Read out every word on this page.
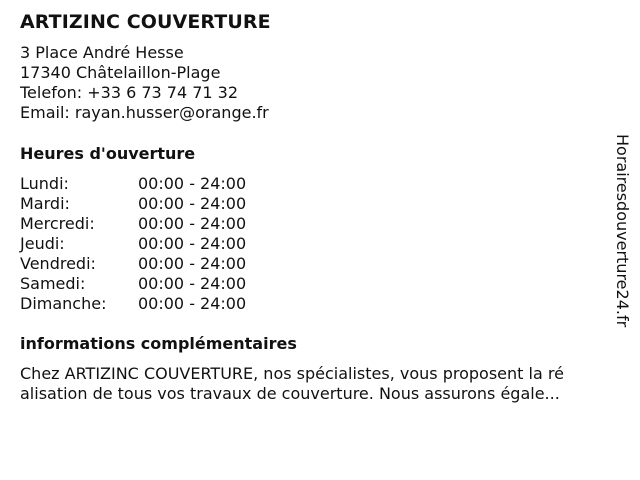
ARTIZINC COUVERTURE
3 Place André Hesse
17340 Châtelaillon-Plage
Telefon: +33 6 73 74 71 32
Email: rayan.husser@orange.fr
Heures d'ouverture
Lundi:	00:00 - 24:00
Mardi:	00:00 - 24:00
Mercredi:	00:00 - 24:00
Jeudi:	00:00 - 24:00
Vendredi:	00:00 - 24:00
Samedi:	00:00 - 24:00
Dimanche: 00:00 - 24:00
informations complémentaires
Chez ARTIZINC COUVERTURE, nos spécialistes, vous proposent la ré
alisation de tous vos travaux de couverture. Nous assurons égale...
Horairesdouverture24.fr
